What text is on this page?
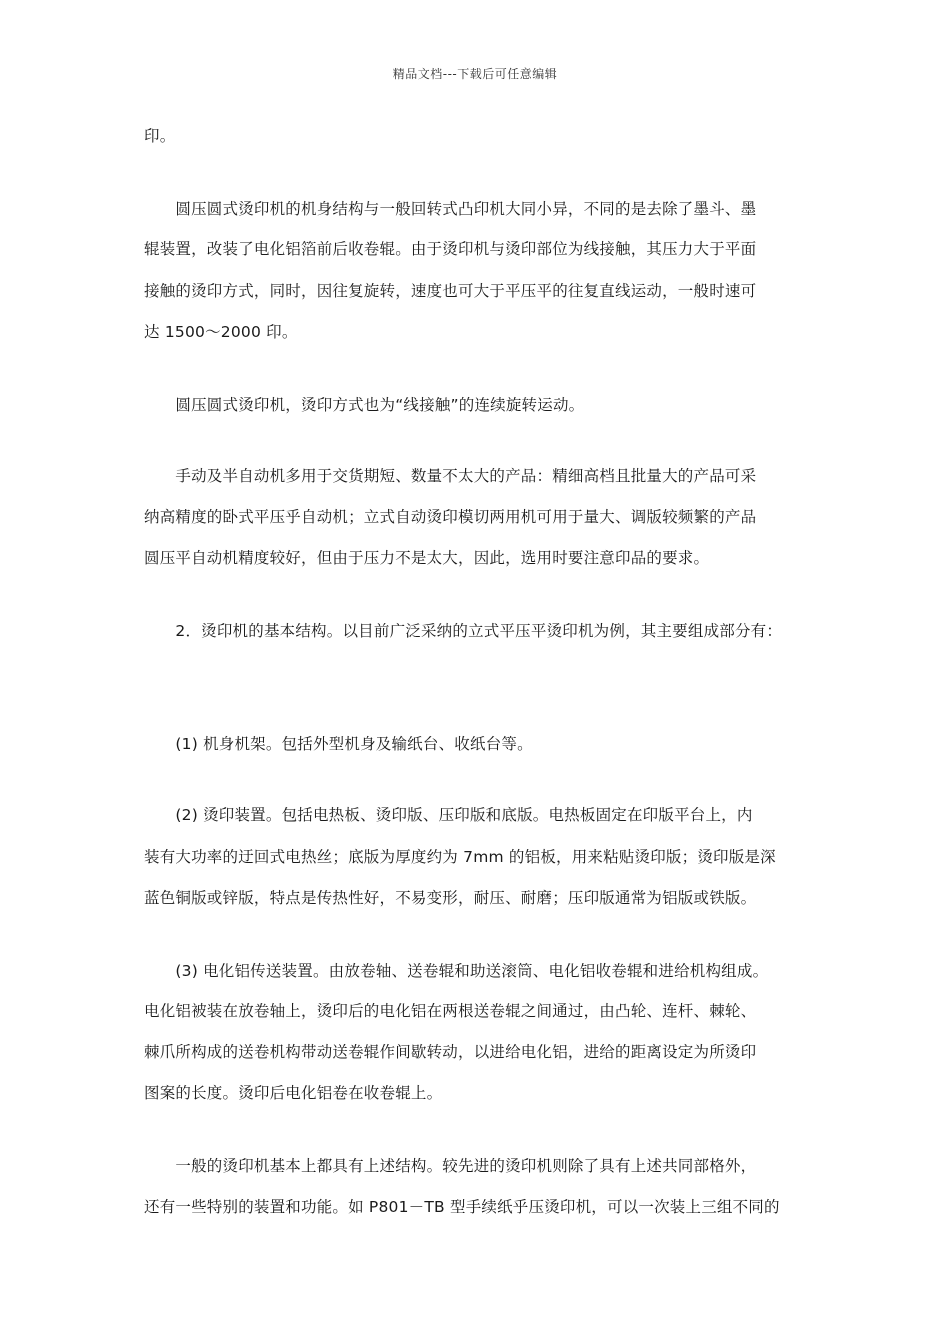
精品文档---下载后可任意编辑
印。
　　圆压圆式烫印机的机身结构与一般回转式凸印机大同小异，不同的是去除了墨斗、墨
辊装置，改装了电化铝箔前后收卷辊。由于烫印机与烫印部位为线接触，其压力大于平面
接触的烫印方式，同时，因往复旋转，速度也可大于平压平的往复直线运动，一般时速可
达 1500～2000 印。
　　圆压圆式烫印机，烫印方式也为“线接触”的连续旋转运动。
　　手动及半自动机多用于交货期短、数量不太大的产品：精细高档且批量大的产品可采
纳高精度的卧式平压乎自动机；立式自动烫印模切两用机可用于量大、调版较频繁的产品
圆压平自动机精度较好，但由于压力不是太大，因此，选用时要注意印品的要求。
　　2．烫印机的基本结构。以目前广泛采纳的立式平压平烫印机为例，其主要组成部分有：
　　(1) 机身机架。包括外型机身及输纸台、收纸台等。
　　(2) 烫印装置。包括电热板、烫印版、压印版和底版。电热板固定在印版平台上，内
装有大功率的迂回式电热丝；底版为厚度约为 7mm 的铝板，用来粘贴烫印版；烫印版是深
蓝色铜版或锌版，特点是传热性好，不易变形，耐压、耐磨；压印版通常为铝版或铁版。
　　(3) 电化铝传送装置。由放卷轴、送卷辊和助送滚筒、电化铝收卷辊和进给机构组成。
电化铝被装在放卷轴上，烫印后的电化铝在两根送卷辊之间通过，由凸轮、连杆、棘轮、
棘爪所构成的送卷机构带动送卷辊作间歇转动，以进给电化铝，进给的距离设定为所烫印
图案的长度。烫印后电化铝卷在收卷辊上。
　　一般的烫印机基本上都具有上述结构。较先进的烫印机则除了具有上述共同部格外，
还有一些特别的装置和功能。如 P801－TB 型手续纸乎压烫印机，可以一次装上三组不同的
